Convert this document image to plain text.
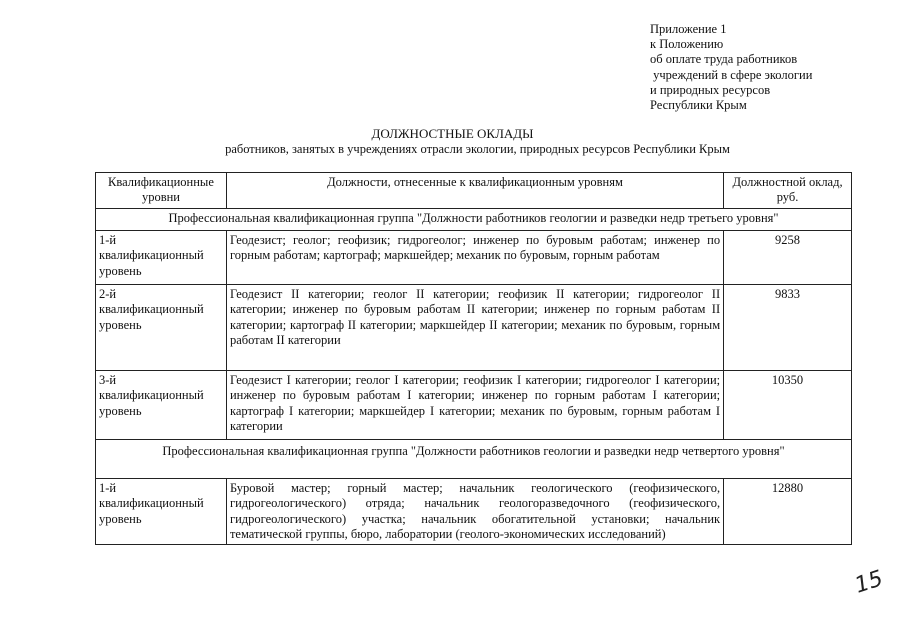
Приложение 1
к Положению
об оплате труда работников
учреждений в сфере экологии
и природных ресурсов
Республики Крым
ДОЛЖНОСТНЫЕ ОКЛАДЫ
работников, занятых в учреждениях отрасли экологии, природных ресурсов Республики Крым
Квалификационные уровни	Должности, отнесенные к квалификационным уровням	Должностной оклад, руб.
Профессиональная квалификационная группа "Должности работников геологии и разведки недр третьего уровня"		
1-й квалификационный уровень	Геодезист; геолог; геофизик; гидрогеолог; инженер по буровым работам; инженер по горным работам; картограф; маркшейдер; механик по буровым, горным работам	9258
2-й квалификационный уровень	Геодезист II категории; геолог II категории; геофизик II категории; гидрогеолог II категории; инженер по буровым работам II категории; инженер по горным работам II категории; картограф II категории; маркшейдер II категории; механик по буровым, горным работам II категории	9833
3-й квалификационный уровень	Геодезист I категории; геолог I категории; геофизик I категории; гидрогеолог I категории; инженер по буровым работам I категории; инженер по горным работам I категории; картограф I категории; маркшейдер I категории; механик по буровым, горным работам I категории	10350
Профессиональная квалификационная группа "Должности работников геологии и разведки недр четвертого уровня"		
1-й квалификационный уровень	Буровой мастер; горный мастер; начальник геологического (геофизического, гидрогеологического) отряда; начальник геологоразведочного (геофизического, гидрогеологического) участка; начальник обогатительной установки; начальник тематической группы, бюро, лаборатории (геолого-экономических исследований)	12880
15
